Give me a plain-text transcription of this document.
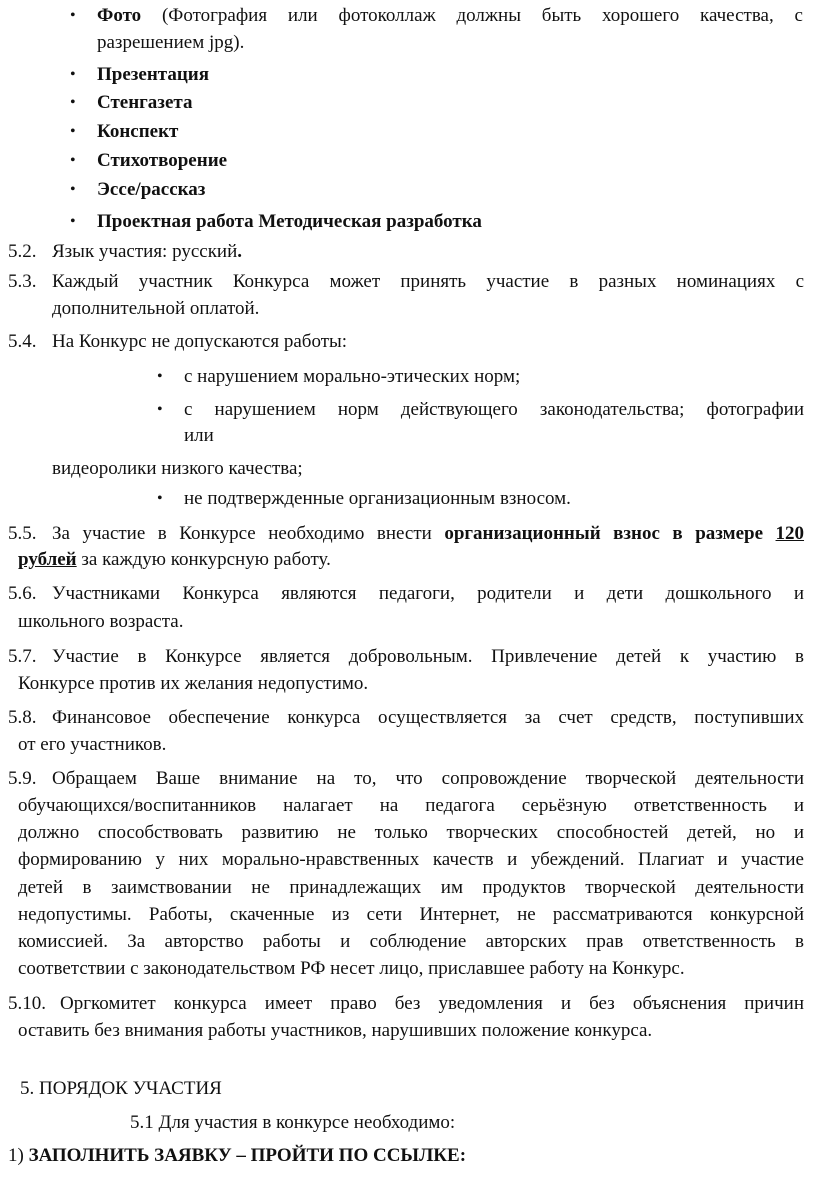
• Фото (Фотография или фотоколлаж должны быть хорошего качества, с
разрешением jpg).
• Презентация
• Стенгазета
• Конспект
• Стихотворение
• Эссе/рассказ
• Проектная работа Методическая разработка
5.2. Язык участия: русский.
5.3. Каждый участник Конкурса может принять участие в разных номинациях с
дополнительной оплатой.
5.4. На Конкурс не допускаются работы:
• с нарушением морально-этических норм;
• с нарушением норм действующего законодательства; фотографии
или
видеоролики низкого качества;
• не подтвержденные организационным взносом.
5.5. За участие в Конкурсе необходимо внести организационный взнос в размере 120
рублей за каждую конкурсную работу.
5.6. Участниками Конкурса являются педагоги, родители и дети дошкольного и
школьного возраста.
5.7. Участие в Конкурсе является добровольным. Привлечение детей к участию в
Конкурсе против их желания недопустимо.
5.8. Финансовое обеспечение конкурса осуществляется за счет средств, поступивших
от его участников.
5.9. Обращаем Ваше внимание на то, что сопровождение творческой деятельности
обучающихся/воспитанников налагает на педагога серьёзную ответственность и
должно способствовать развитию не только творческих способностей детей, но и
формированию у них морально-нравственных качеств и убеждений. Плагиат и участие
детей в заимствовании не принадлежащих им продуктов творческой деятельности
недопустимы. Работы, скаченные из сети Интернет, не рассматриваются конкурсной
комиссией. За авторство работы и соблюдение авторских прав ответственность в
соответствии с законодательством РФ несет лицо, приславшее работу на Конкурс.
5.10. Оргкомитет конкурса имеет право без уведомления и без объяснения причин
оставить без внимания работы участников, нарушивших положение конкурса.
5. ПОРЯДОК УЧАСТИЯ
5.1 Для участия в конкурсе необходимо:
1) ЗАПОЛНИТЬ ЗАЯВКУ – ПРОЙТИ ПО ССЫЛКЕ:
